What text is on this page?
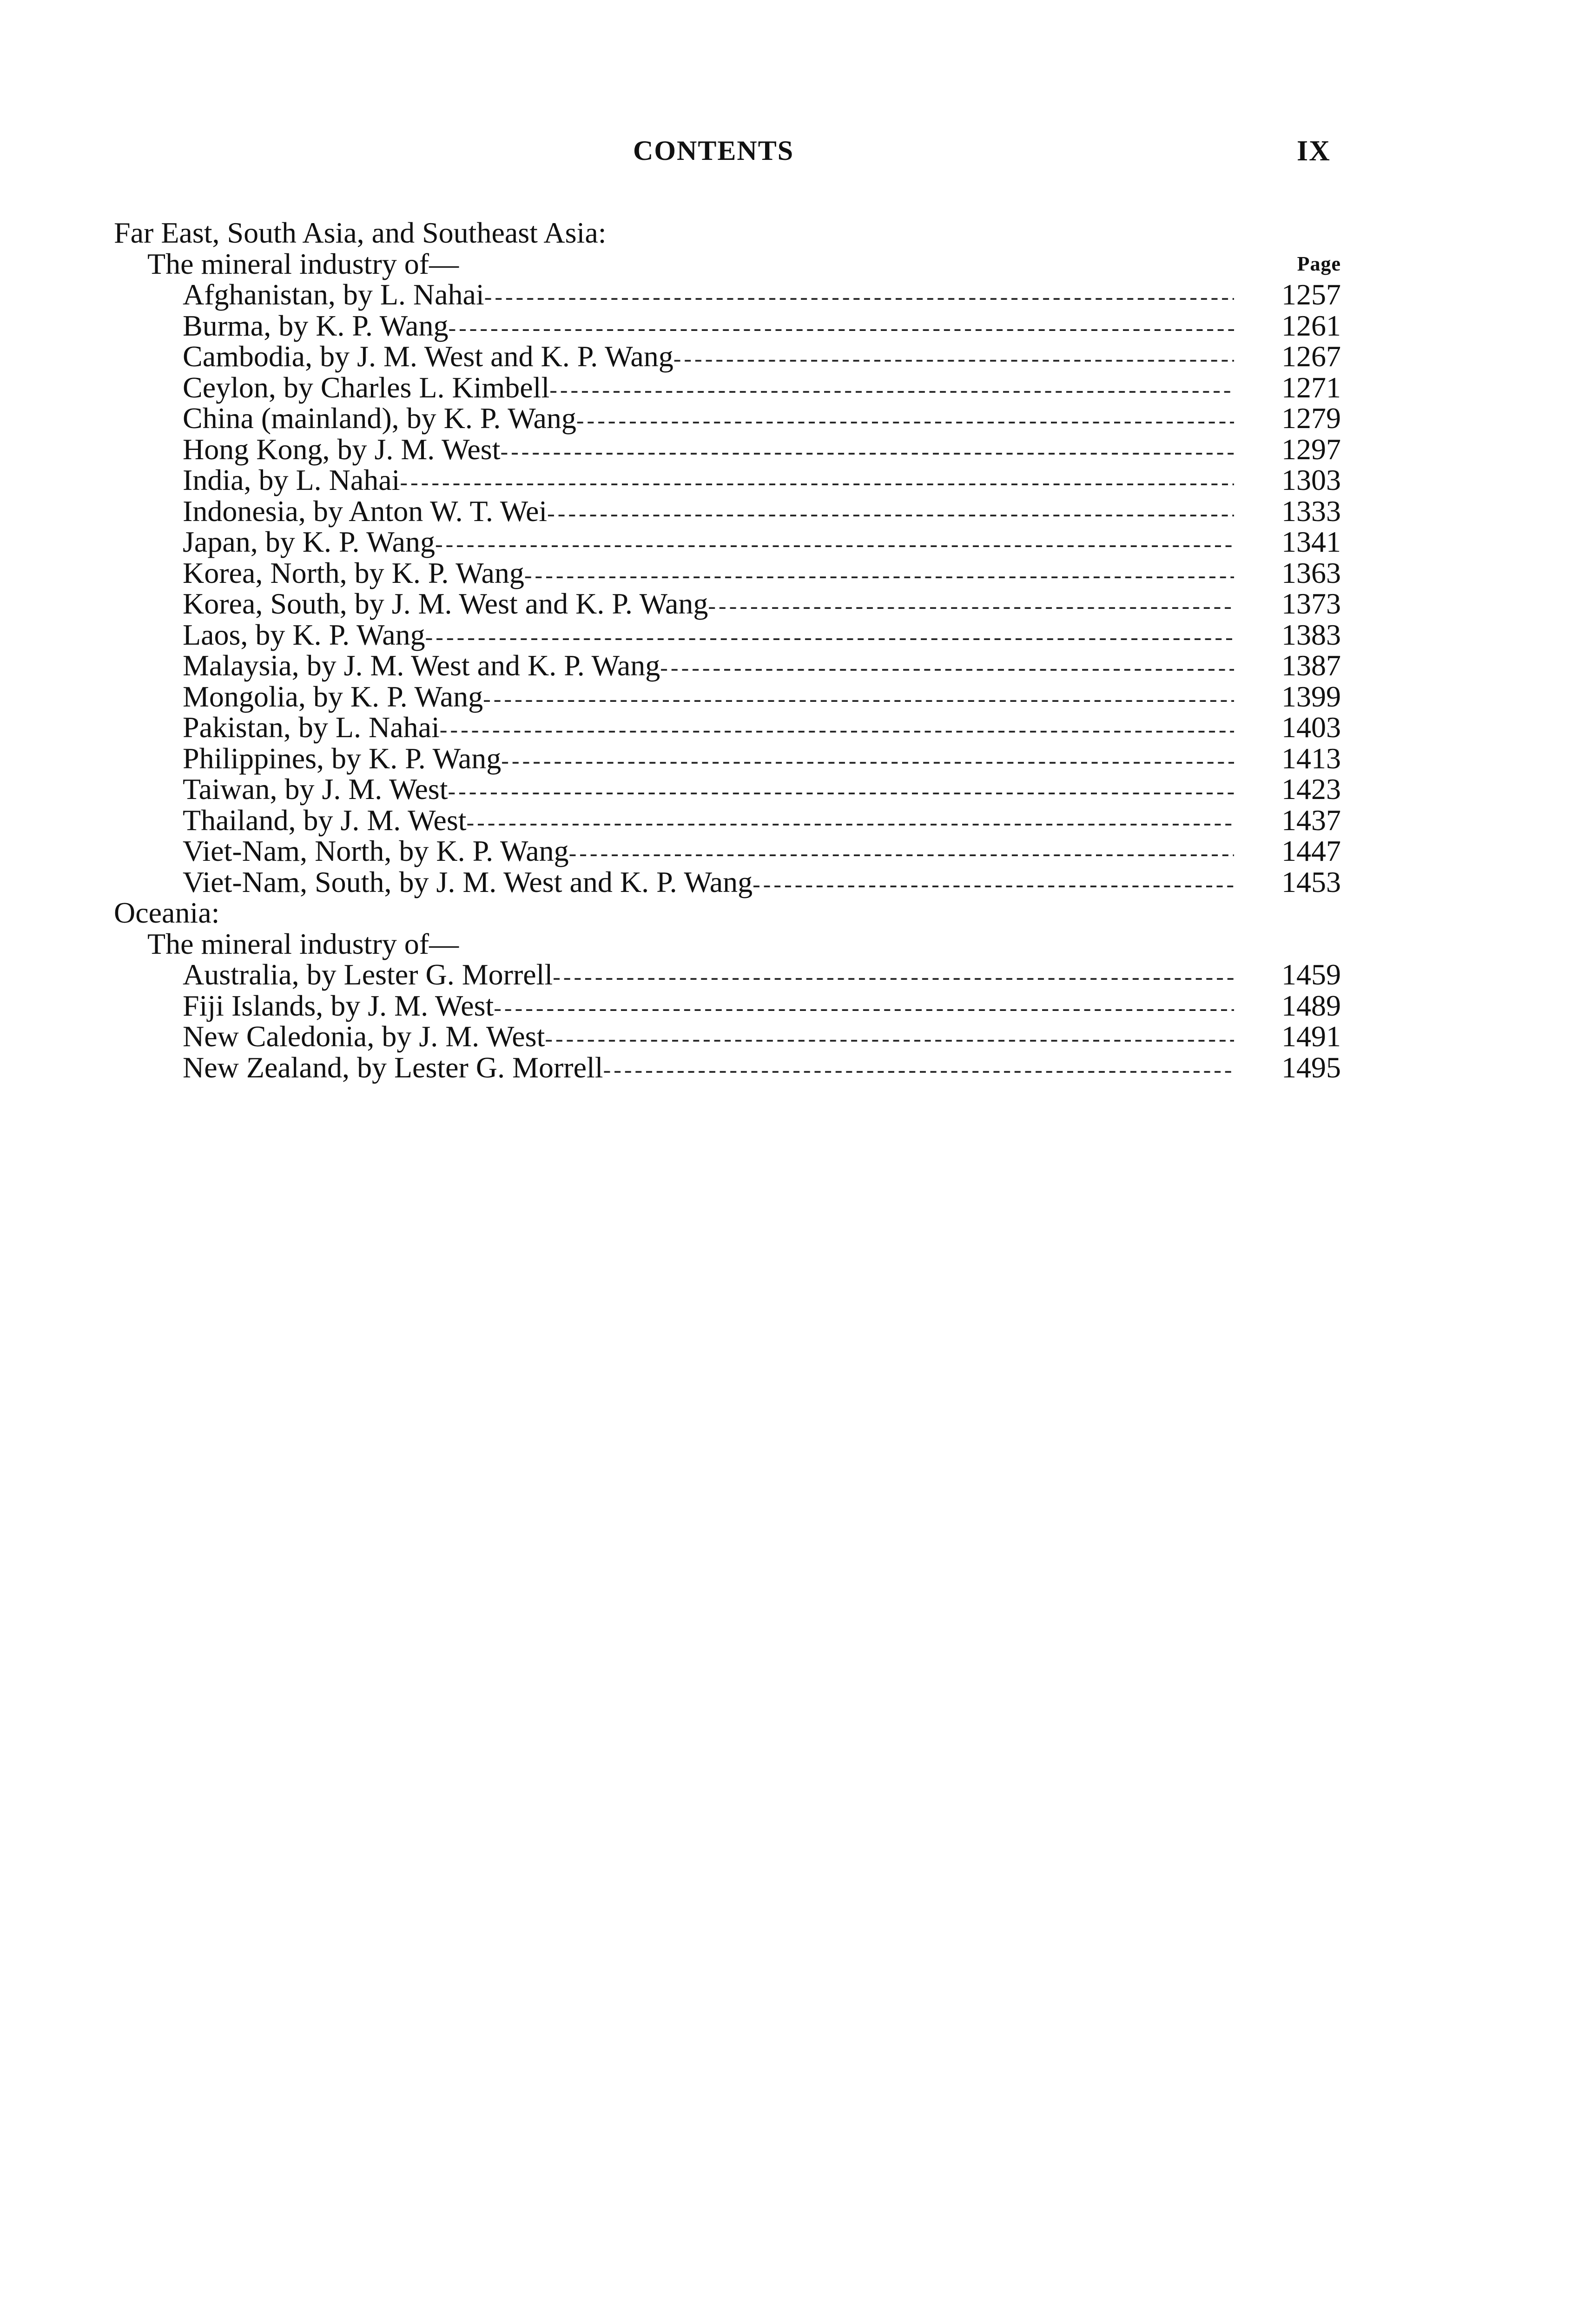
CONTENTS	IX
Far East, South Asia, and Southeast Asia:
The mineral industry of—	Page
Afghanistan, by L. Nahai -----	1257
Burma, by K. P. Wang -----	1261
Cambodia, by J. M. West and K. P. Wang -----	1267
Ceylon, by Charles L. Kimbell -----	1271
China (mainland), by K. P. Wang -----	1279
Hong Kong, by J. M. West -----	1297
India, by L. Nahai -----	1303
Indonesia, by Anton W. T. Wei -----	1333
Japan, by K. P. Wang -----	1341
Korea, North, by K. P. Wang -----	1363
Korea, South, by J. M. West and K. P. Wang -----	1373
Laos, by K. P. Wang -----	1383
Malaysia, by J. M. West and K. P. Wang -----	1387
Mongolia, by K. P. Wang -----	1399
Pakistan, by L. Nahai -----	1403
Philippines, by K. P. Wang -----	1413
Taiwan, by J. M. West -----	1423
Thailand, by J. M. West -----	1437
Viet-Nam, North, by K. P. Wang -----	1447
Viet-Nam, South, by J. M. West and K. P. Wang -----	1453
Oceania:
The mineral industry of—
Australia, by Lester G. Morrell -----	1459
Fiji Islands, by J. M. West -----	1489
New Caledonia, by J. M. West -----	1491
New Zealand, by Lester G. Morrell -----	1495
